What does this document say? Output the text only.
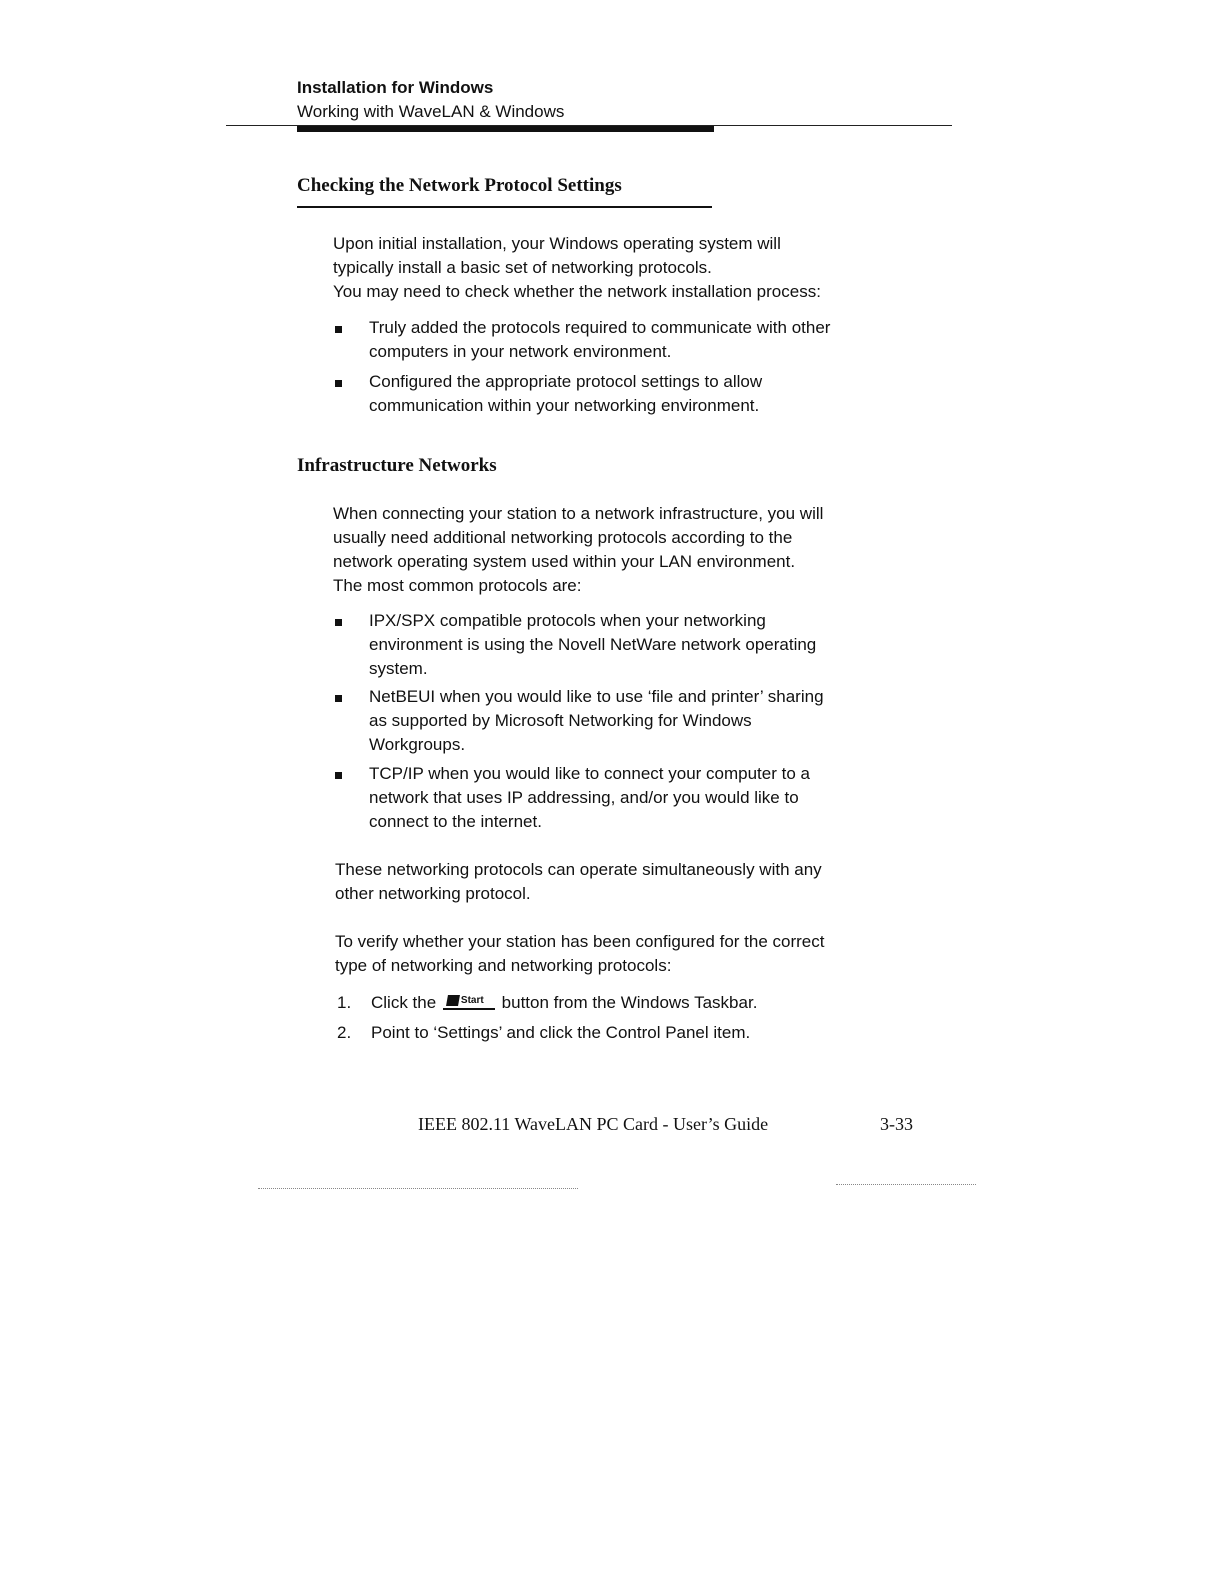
Installation for Windows
Working with WaveLAN & Windows
Checking the Network Protocol Settings
Upon initial installation, your Windows operating system will
typically install a basic set of networking protocols.
You may need to check whether the network installation process:
Truly added the protocols required to communicate with other
computers in your network environment.
Configured the appropriate protocol settings to allow
communication within your networking environment.
Infrastructure Networks
When connecting your station to a network infrastructure, you will
usually need additional networking protocols according to the
network operating system used within your LAN environment.
The most common protocols are:
IPX/SPX compatible protocols when your networking
environment is using the Novell NetWare network operating
system.
NetBEUI when you would like to use ‘file and printer’ sharing
as supported by Microsoft Networking for Windows
Workgroups.
TCP/IP when you would like to connect your computer to a
network that uses IP addressing, and/or you would like to
connect to the internet.
These networking protocols can operate simultaneously with any
other networking protocol.
To verify whether your station has been configured for the correct
type of networking and networking protocols:
1.	Click the Start button from the Windows Taskbar.
2.	Point to ‘Settings’ and click the Control Panel item.
IEEE 802.11 WaveLAN PC Card - User’s Guide	3-33
